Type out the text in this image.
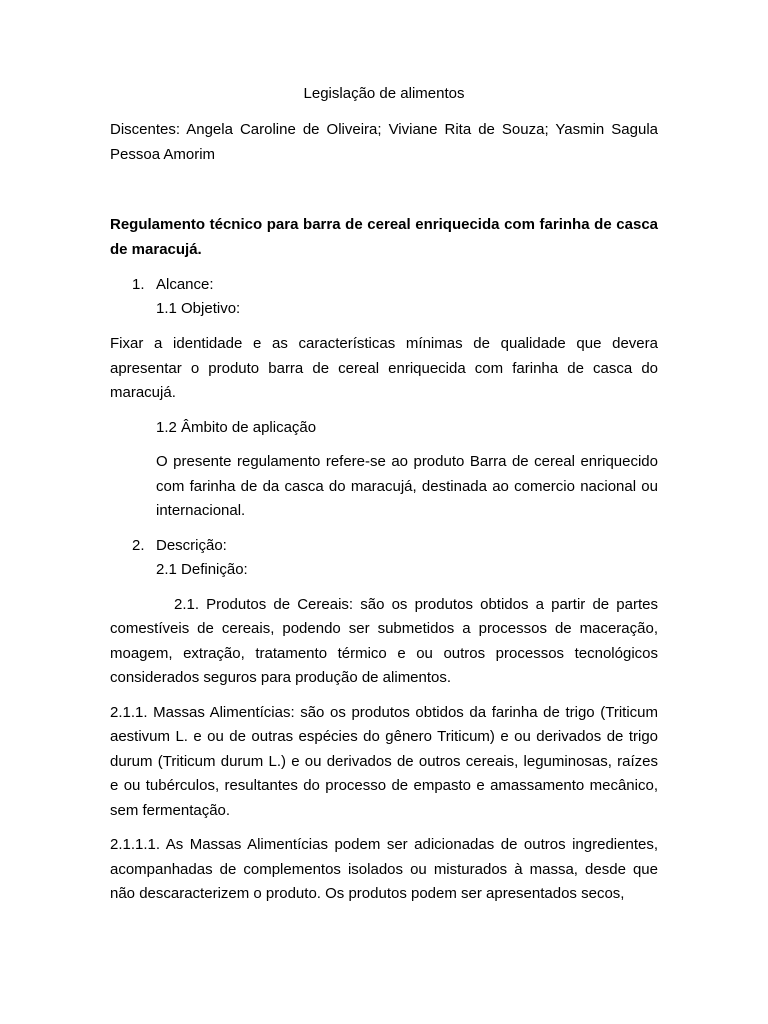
Legislação de alimentos

Discentes: Angela Caroline de Oliveira; Viviane Rita de Souza; Yasmin Sagula Pessoa Amorim

Regulamento técnico para barra de cereal enriquecida com farinha de casca de maracujá.

1. Alcance:
1.1 Objetivo:

Fixar a identidade e as características mínimas de qualidade que devera apresentar o produto barra de cereal enriquecida com farinha de casca do maracujá.

1.2 Âmbito de aplicação

O presente regulamento refere-se ao produto Barra de cereal enriquecido com farinha de da casca do maracujá, destinada ao comercio nacional ou internacional.

2. Descrição:
2.1 Definição:

2.1. Produtos de Cereais: são os produtos obtidos a partir de partes comestíveis de cereais, podendo ser submetidos a processos de maceração, moagem, extração, tratamento térmico e ou outros processos tecnológicos considerados seguros para produção de alimentos.

2.1.1. Massas Alimentícias: são os produtos obtidos da farinha de trigo (Triticum aestivum L. e ou de outras espécies do gênero Triticum) e ou derivados de trigo durum (Triticum durum L.) e ou derivados de outros cereais, leguminosas, raízes e ou tubérculos, resultantes do processo de empasto e amassamento mecânico, sem fermentação.

2.1.1.1. As Massas Alimentícias podem ser adicionadas de outros ingredientes, acompanhadas de complementos isolados ou misturados à massa, desde que não descaracterizem o produto. Os produtos podem ser apresentados secos,
